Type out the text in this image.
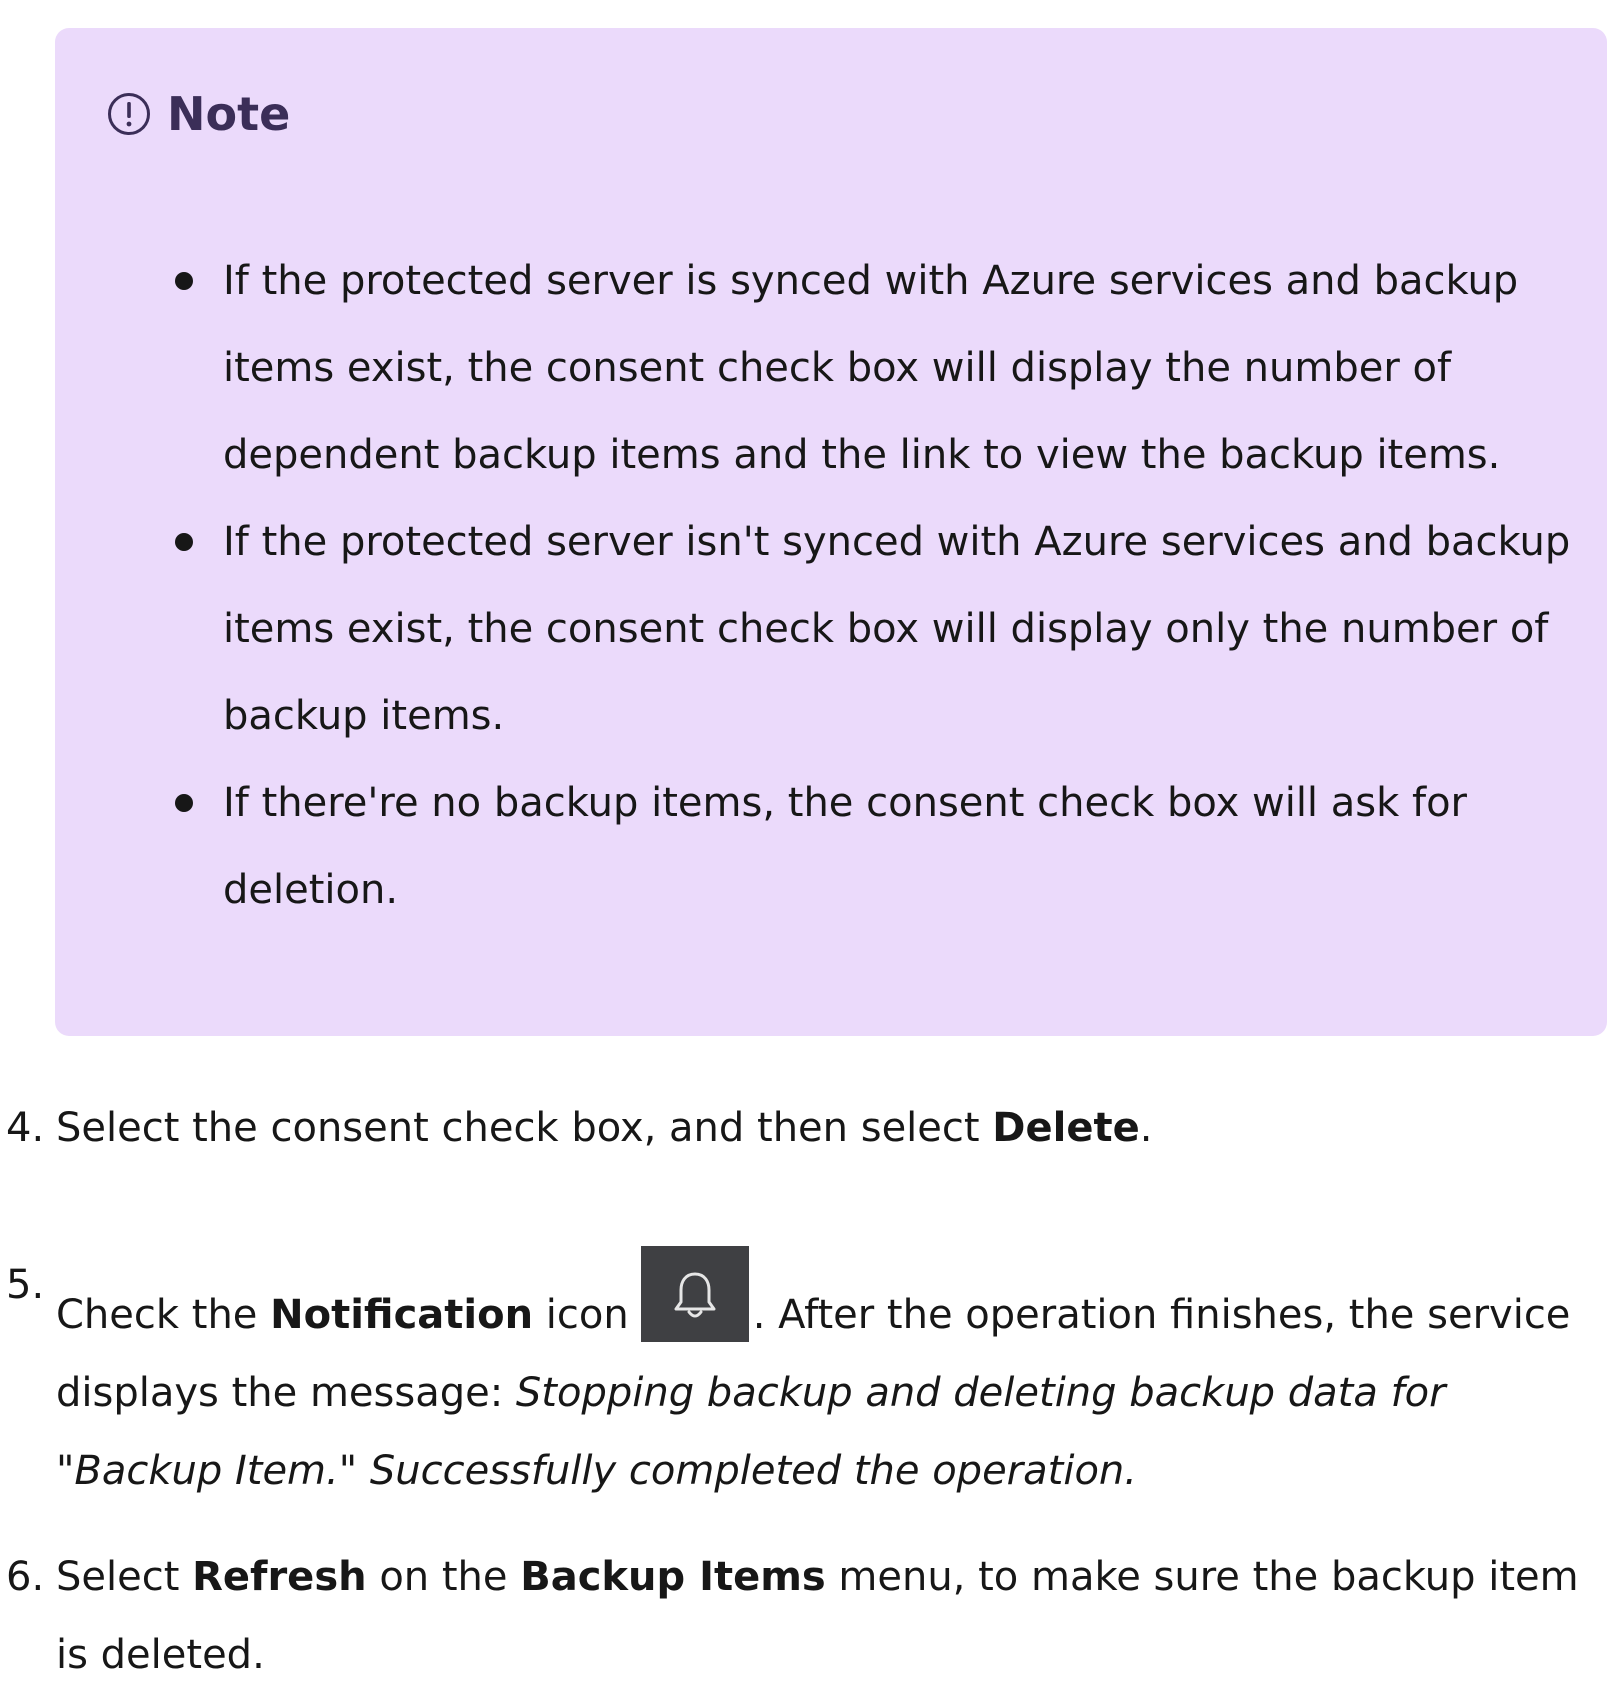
Note
If the protected server is synced with Azure services and backup items exist, the consent check box will display the number of dependent backup items and the link to view the backup items.
If the protected server isn't synced with Azure services and backup items exist, the consent check box will display only the number of backup items.
If there're no backup items, the consent check box will ask for deletion.
4. Select the consent check box, and then select Delete.
5.
Check the Notification icon	. After the operation finishes, the service displays the message: Stopping backup and deleting backup data for "Backup Item." Successfully completed the operation.
6. Select Refresh on the Backup Items menu, to make sure the backup item is deleted.
